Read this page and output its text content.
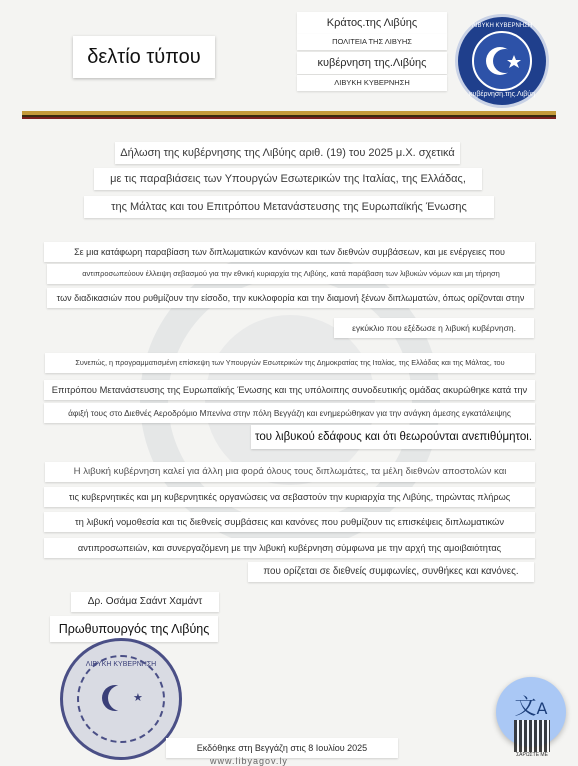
δελτίο τύπου
Κράτος.της Λιβύης
ΠΟΛΙΤΕΙΑ ΤΗΣ ΛΙΒΥΗΣ
κυβέρνηση της.Λιβύης
ΛΙΒΥΚΗ ΚΥΒΕΡΝΗΣΗ
ΛΙΒΥΚΗ ΚΥΒΕΡΝΗΣΗ
κυβέρνηση.της.Λιβύη
Δήλωση της κυβέρνησης της Λιβύης αριθ. (19) του 2025 μ.Χ. σχετικά
με τις παραβιάσεις των Υπουργών Εσωτερικών της Ιταλίας, της Ελλάδας,
της Μάλτας και του Επιτρόπου Μετανάστευσης της Ευρωπαϊκής Ένωσης
Σε μια κατάφωρη παραβίαση των διπλωματικών κανόνων και των διεθνών συμβάσεων, και με ενέργειες που
αντιπροσωπεύουν έλλειψη σεβασμού για την εθνική κυριαρχία της Λιβύης, κατά παράβαση των λιβυκών νόμων και μη τήρηση
των διαδικασιών που ρυθμίζουν την είσοδο, την κυκλοφορία και την διαμονή ξένων διπλωματών, όπως ορίζονται στην
εγκύκλιο που εξέδωσε η λιβυκή κυβέρνηση.
Συνεπώς, η προγραμματισμένη επίσκεψη των Υπουργών Εσωτερικών της Δημοκρατίας της Ιταλίας, της Ελλάδας και της Μάλτας, του
Επιτρόπου Μετανάστευσης της Ευρωπαϊκής Ένωσης και της υπόλοιπης συνοδευτικής ομάδας ακυρώθηκε κατά την
άφιξή τους στο Διεθνές Αεροδρόμιο Μπενίνα στην πόλη Βεγγάζη και ενημερώθηκαν για την ανάγκη άμεσης εγκατάλειψης
του λιβυκού εδάφους και ότι θεωρούνται ανεπιθύμητοι.
Η λιβυκή κυβέρνηση καλεί για άλλη μια φορά όλους τους διπλωμάτες, τα μέλη διεθνών αποστολών και
τις κυβερνητικές και μη κυβερνητικές οργανώσεις να σεβαστούν την κυριαρχία της Λιβύης, τηρώντας πλήρως
τη λιβυκή νομοθεσία και τις διεθνείς συμβάσεις και κανόνες που ρυθμίζουν τις επισκέψεις διπλωματικών
αντιπροσωπειών, και συνεργαζόμενη με την λιβυκή κυβέρνηση σύμφωνα με την αρχή της αμοιβαιότητας
που ορίζεται σε διεθνείς συμφωνίες, συνθήκες και κανόνες.
Δρ. Οσάμα Σαάντ Χαμάντ
Πρωθυπουργός της Λιβύης
ΛΙΒΥΚΗ ΚΥΒΕΡΝΗΣΗ
★
Εκδόθηκε στη Βεγγάζη στις 8 Ιουλίου 2025
www.libyagov.ly
文A
ΣΑΡΩΣΤΕ ΜΕ
